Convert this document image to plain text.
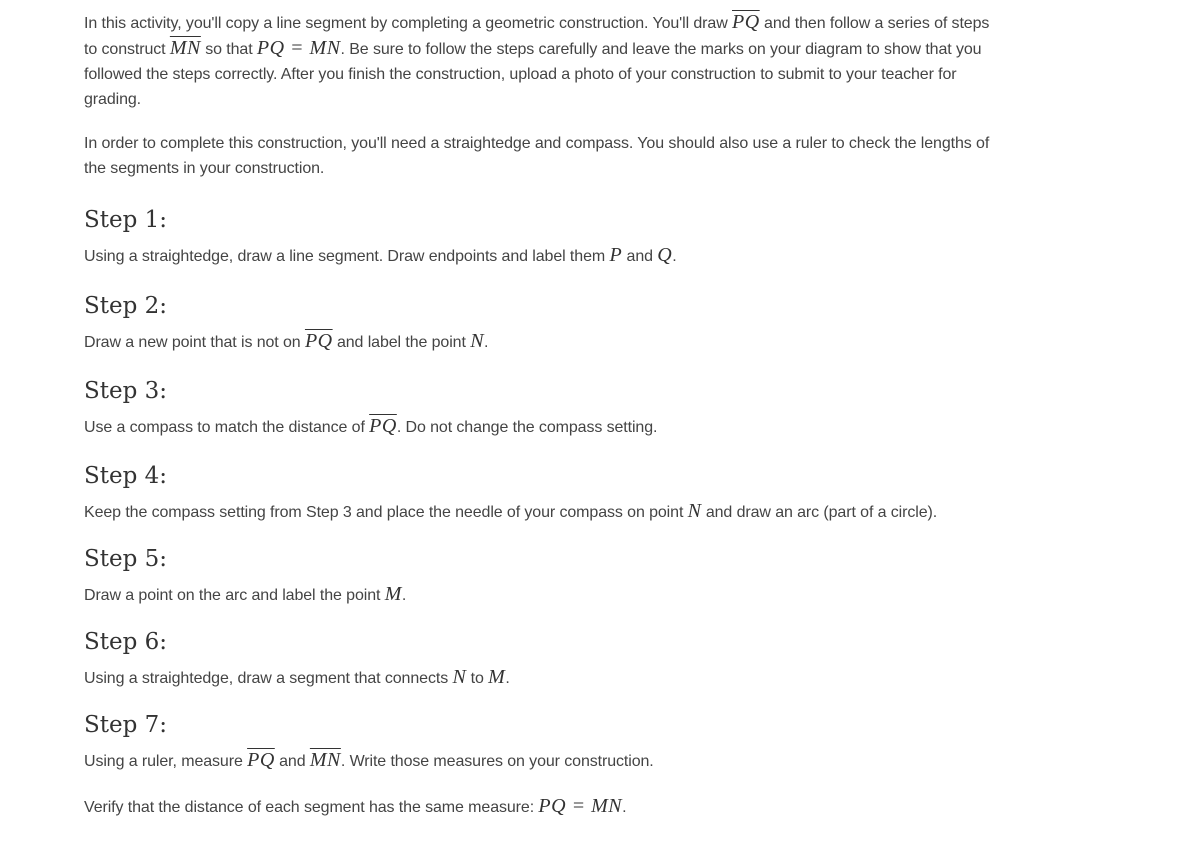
In this activity, you'll copy a line segment by completing a geometric construction. You'll draw $\overline{PQ}$ and then follow a series of steps to construct $\overline{MN}$ so that PQ = MN. Be sure to follow the steps carefully and leave the marks on your diagram to show that you followed the steps correctly. After you finish the construction, upload a photo of your construction to submit to your teacher for grading.

In order to complete this construction, you'll need a straightedge and compass. You should also use a ruler to check the lengths of the segments in your construction.

Step 1:

Using a straightedge, draw a line segment. Draw endpoints and label them P and Q.

Step 2:

Draw a new point that is not on $\overline{PQ}$ and label the point N.

Step 3:

Use a compass to match the distance of $\overline{PQ}$. Do not change the compass setting.

Step 4:

Keep the compass setting from Step 3 and place the needle of your compass on point N and draw an arc (part of a circle).

Step 5:

Draw a point on the arc and label the point M.

Step 6:

Using a straightedge, draw a segment that connects N to M.

Step 7:

Using a ruler, measure $\overline{PQ}$ and $\overline{MN}$. Write those measures on your construction.

Verify that the distance of each segment has the same measure: PQ = MN.
